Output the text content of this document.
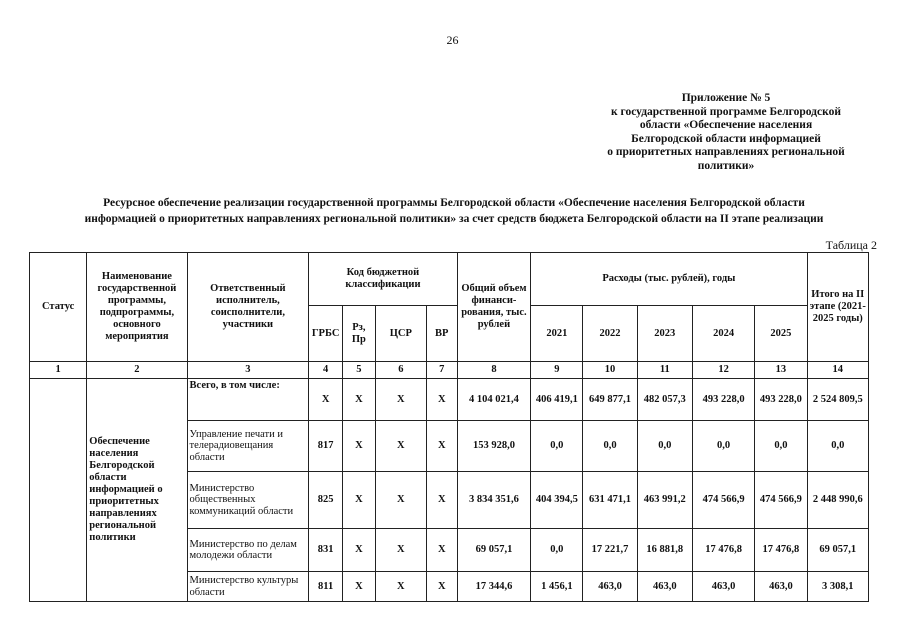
26
Приложение № 5
к государственной программе Белгородской
области «Обеспечение населения
Белгородской области информацией
о приоритетных направлениях региональной
политики»
Ресурсное обеспечение реализации государственной программы Белгородской области «Обеспечение населения Белгородской области
информацией о приоритетных направлениях региональной политики» за счет средств бюджета Белгородской области на II этапе реализации
Таблица 2
Статус	Наименование государственной программы, подпрограммы, основного мероприятия	Ответственный исполнитель, соисполнители, участники	Код бюджетной классификации				Общий объем финанси-рования, тыс. рублей	Расходы (тыс. рублей), годы					Итого на II этапе (2021-2025 годы)
			ГРБС	Рз, Пр	ЦСР	ВР		2021	2022	2023	2024	2025	
1	2	3	4	5	6	7	8	9	10	11	12	13	14
	Обеспечение населения Белгородской области информацией о приоритетных направлениях региональной политики	Всего, в том числе:	Х	Х	Х	Х	4 104 021,4	406 419,1	649 877,1	482 057,3	493 228,0	493 228,0	2 524 809,5
		Управление печати и телерадиовещания области	817	Х	Х	Х	153 928,0	0,0	0,0	0,0	0,0	0,0	0,0
		Министерство общественных коммуникаций области	825	Х	Х	Х	3 834 351,6	404 394,5	631 471,1	463 991,2	474 566,9	474 566,9	2 448 990,6
		Министерство по делам молодежи области	831	Х	Х	Х	69 057,1	0,0	17 221,7	16 881,8	17 476,8	17 476,8	69 057,1
		Министерство культуры области	811	Х	Х	Х	17 344,6	1 456,1	463,0	463,0	463,0	463,0	3 308,1
